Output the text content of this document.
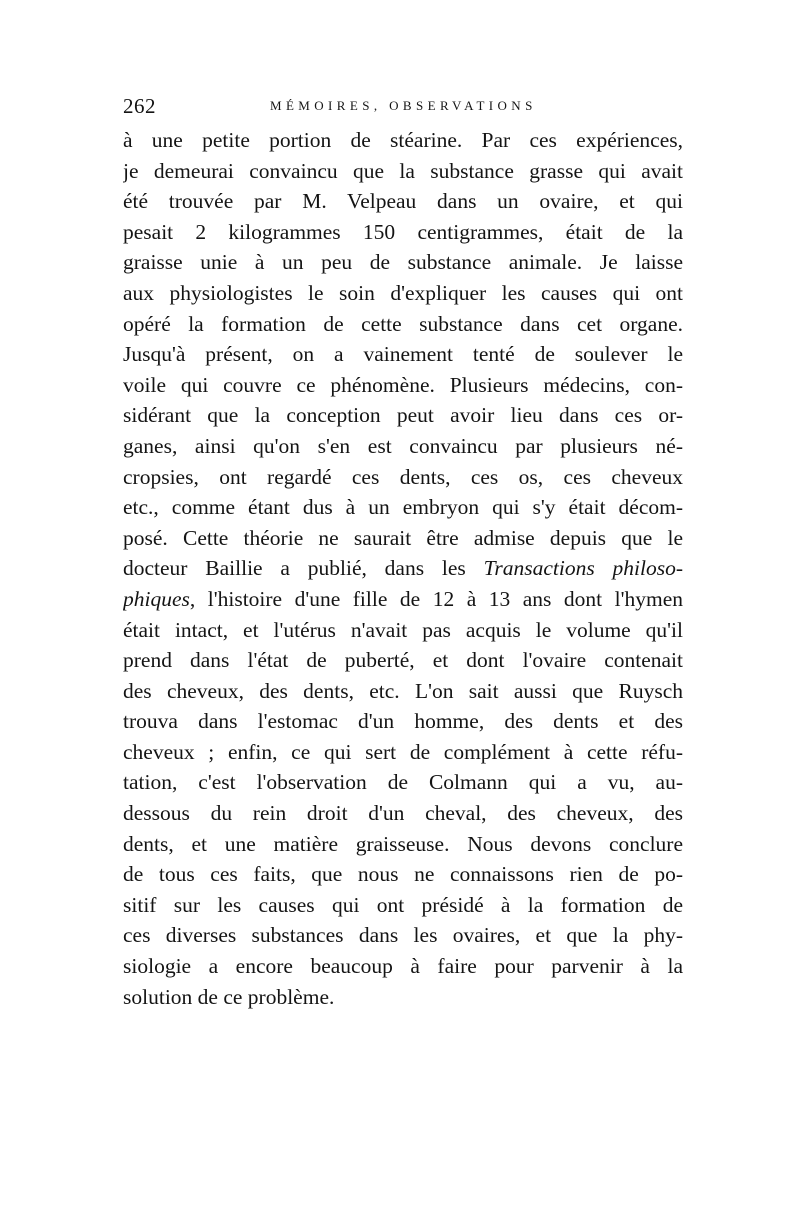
262	MÉMOIRES, OBSERVATIONS
à une petite portion de stéarine. Par ces expériences,
je demeurai convaincu que la substance grasse qui avait
été trouvée par M. Velpeau dans un ovaire, et qui
pesait 2 kilogrammes 150 centigrammes, était de la
graisse unie à un peu de substance animale. Je laisse
aux physiologistes le soin d'expliquer les causes qui ont
opéré la formation de cette substance dans cet organe.
Jusqu'à présent, on a vainement tenté de soulever le
voile qui couvre ce phénomène. Plusieurs médecins, con-
sidérant que la conception peut avoir lieu dans ces or-
ganes, ainsi qu'on s'en est convaincu par plusieurs né-
cropsies, ont regardé ces dents, ces os, ces cheveux
etc., comme étant dus à un embryon qui s'y était décom-
posé. Cette théorie ne saurait être admise depuis que le
docteur Baillie a publié, dans les Transactions philoso-
phiques, l'histoire d'une fille de 12 à 13 ans dont l'hymen
était intact, et l'utérus n'avait pas acquis le volume qu'il
prend dans l'état de puberté, et dont l'ovaire contenait
des cheveux, des dents, etc. L'on sait aussi que Ruysch
trouva dans l'estomac d'un homme, des dents et des
cheveux ; enfin, ce qui sert de complément à cette réfu-
tation, c'est l'observation de Colmann qui a vu, au-
dessous du rein droit d'un cheval, des cheveux, des
dents, et une matière graisseuse. Nous devons conclure
de tous ces faits, que nous ne connaissons rien de po-
sitif sur les causes qui ont présidé à la formation de
ces diverses substances dans les ovaires, et que la phy-
siologie a encore beaucoup à faire pour parvenir à la
solution de ce problème.
